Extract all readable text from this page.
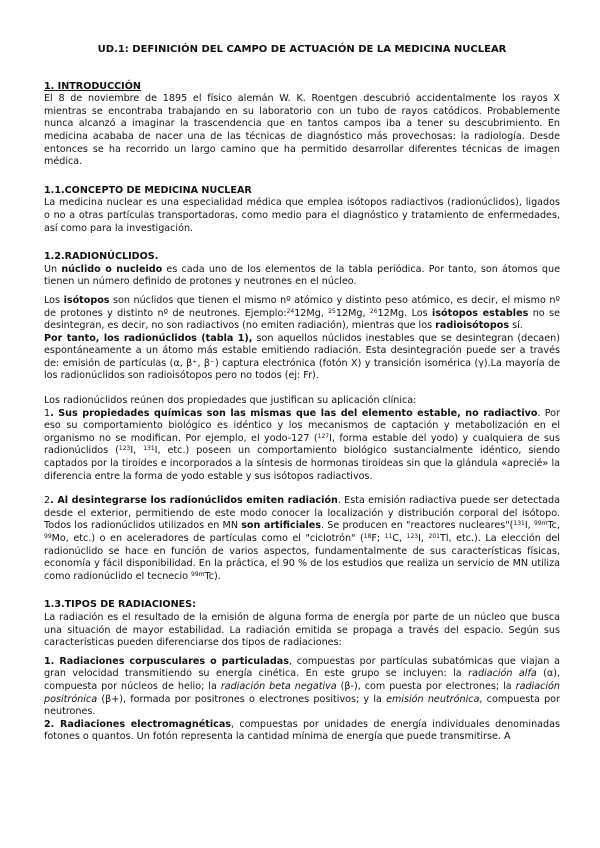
UD.1: DEFINICIÓN DEL CAMPO DE ACTUACIÓN DE LA MEDICINA NUCLEAR
1. INTRODUCCIÓN

El 8 de noviembre de 1895 el físico alemán W. K. Roentgen descubrió accidentalmente los rayos X mientras se encontraba trabajando en su laboratorio con un tubo de rayos catódicos. Probablemente nunca alcanzó a imaginar la trascendencia que en tantos campos iba a tener su descubrimiento. En medicina acababa de nacer una de las técnicas de diagnóstico más provechosas: la radiología. Desde entonces se ha recorrido un largo camino que ha permitido desarrollar diferentes técnicas de imagen médica.

1.1.CONCEPTO DE MEDICINA NUCLEAR

La medicina nuclear es una especialidad médica que emplea isótopos radiactivos (radionúclidos), ligados o no a otras partículas transportadoras, como medio para el diagnóstico y tratamiento de enfermedades, así como para la investigación.

1.2.RADIONÚCLIDOS.

Un núclido o nucleido es cada uno de los elementos de la tabla periódica. Por tanto, son átomos que tienen un número definido de protones y neutrones en el núcleo.

Los isótopos son núclidos que tienen el mismo nº atómico y distinto peso atómico, es decir, el mismo nº de protones y distinto nº de neutrones. Ejemplo:$^{24}$12Mg, $^{25}$12Mg, $^{26}$12Mg. Los isótopos estables no se desintegran, es decir, no son radiactivos (no emiten radiación), mientras que los radioisótopos sí.

Por tanto, los radionúclidos (tabla 1), son aquellos núclidos inestables que se desintegran (decaen) espontáneamente a un átomo más estable emitiendo radiación. Esta desintegración puede ser a través de: emisión de partículas (α, β⁺, β⁻) captura electrónica (fotón X) y transición isomérica (γ).La mayoría de los radionúclidos son radioisótopos pero no todos (ej: Fr).

Los radionúclidos reúnen dos propiedades que justifican su aplicación clínica:

1. Sus propiedades químicas son las mismas que las del elemento estable, no radiactivo. Por eso su comportamiento biológico es idéntico y los mecanismos de captación y metabolización en el organismo no se modifican. Por ejemplo, el yodo-127 ($^{127}$I, forma estable del yodo) y cualquiera de sus radionúclidos ($^{123}$I, $^{131}$I, etc.) poseen un comportamiento biológico sustancialmente idéntico, siendo captados por la tiroides e incorporados a la síntesis de hormonas tiroideas sin que la glándula «aprecié» la diferencia entre la forma de yodo estable y sus isótopos radiactivos.

2. Al desintegrarse los radionúclidos emiten radiación. Esta emisión radiactiva puede ser detectada desde el exterior, permitiendo de este modo conocer la localización y distribución corporal del isótopo. Todos los radionúclidos utilizados en MN son artificiales. Se producen en "reactores nucleares"($^{131}$I, $^{99m}$Tc, $^{99}$Mo, etc.) o en aceleradores de partículas como el "ciclotrón" ($^{18}$F; $^{11}$C, $^{123}$I, $^{201}$Tl, etc.). La elección del radionúclido se hace en función de varios aspectos, fundamentalmente de sus características físicas, economía y fácil disponibilidad. En la práctica, el 90 % de los estudios que realiza un servicio de MN utiliza como radionúclido el tecnecio $^{99m}$Tc).

1.3.TIPOS DE RADIACIONES:

La radiación es el resultado de la emisión de alguna forma de energía por parte de un núcleo que busca una situación de mayor estabilidad. La radiación emitida se propaga a través del espacio. Según sus características pueden diferenciarse dos tipos de radiaciones:

1. Radiaciones corpusculares o particuladas, compuestas por partículas subatómicas que viajan a gran velocidad transmitiendo su energía cinética. En este grupo se incluyen: la radiación alfa (α), compuesta por núcleos de helio; la radiación beta negativa (β-), com puesta por electrones; la radiación positrónica (β+), formada por positrones o electrones positivos; y la emisión neutrónica, compuesta por neutrones.

2. Radiaciones electromagnéticas, compuestas por unidades de energía individuales denominadas fotones o quantos. Un fotón representa la cantidad mínima de energía que puede transmitirse. A
